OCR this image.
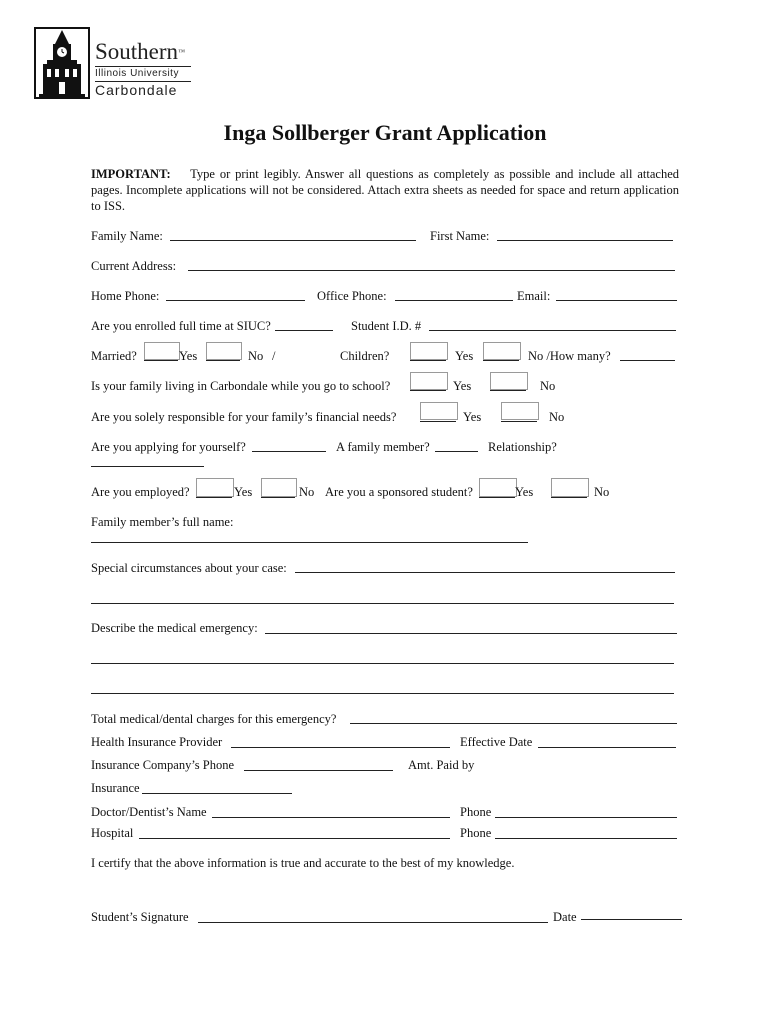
Southern™
Illinois University
Carbondale
Inga Sollberger Grant Application
IMPORTANT: Type or print legibly. Answer all questions as completely as possible and include all attached pages. Incomplete applications will not be considered. Attach extra sheets as needed for space and return application to ISS.
Family Name:	First Name:
Current Address:
Home Phone:	Office Phone:	Email:
Are you enrolled full time at SIUC?	Student I.D. #
Married?	Yes	No /	Children?	Yes	No /How many?
Is your family living in Carbondale while you go to school?	Yes	No
Are you solely responsible for your family’s financial needs?	Yes	No
Are you applying for yourself?	A family member?	Relationship?
Are you employed?	Yes	No Are you a sponsored student?	Yes	No
Family member’s full name:
Special circumstances about your case:
Describe the medical emergency:
Total medical/dental charges for this emergency?
Health Insurance Provider	Effective Date
Insurance Company’s Phone	Amt. Paid by
Insurance
Doctor/Dentist’s Name	Phone
Hospital	Phone
I certify that the above information is true and accurate to the best of my knowledge.
Student’s Signature	Date
